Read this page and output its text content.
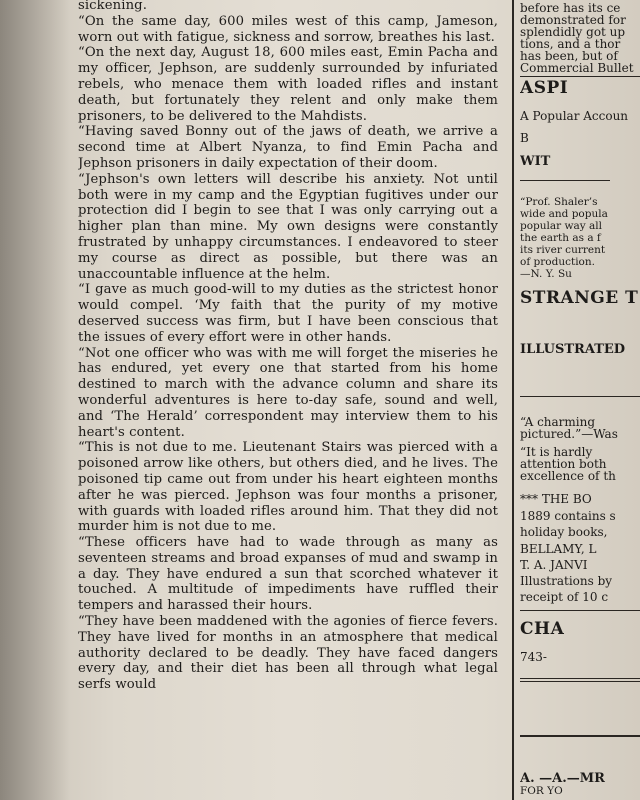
sickening.

“On the same day, 600 miles west of this camp, Jameson, worn out with fatigue, sickness and sorrow, breathes his last.

“On the next day, August 18, 600 miles east, Emin Pacha and my officer, Jephson, are suddenly surrounded by infuriated rebels, who menace them with loaded rifles and instant death, but fortunately they relent and only make them prisoners, to be delivered to the Mahdists.

“Having saved Bonny out of the jaws of death, we arrive a second time at Albert Nyanza, to find Emin Pacha and Jephson prisoners in daily expectation of their doom.

“Jephson's own letters will describe his anxiety. Not until both were in my camp and the Egyptian fugitives under our protection did I begin to see that I was only carrying out a higher plan than mine. My own designs were constantly frustrated by unhappy circumstances. I endeavored to steer my course as direct as possible, but there was an unaccountable influence at the helm.

“I gave as much good-will to my duties as the strictest honor would compel. ‘My faith that the purity of my motive deserved success was firm, but I have been conscious that the issues of every effort were in other hands.

“Not one officer who was with me will forget the miseries he has endured, yet every one that started from his home destined to march with the advance column and share its wonderful adventures is here to-day safe, sound and well, and ‘The Herald’ correspondent may interview them to his heart's content.

“This is not due to me. Lieutenant Stairs was pierced with a poisoned arrow like others, but others died, and he lives. The poisoned tip came out from under his heart eighteen months after he was pierced. Jephson was four months a prisoner, with guards with loaded rifles around him. That they did not murder him is not due to me.

“These officers have had to wade through as many as seventeen streams and broad expanses of mud and swamp in a day. They have endured a sun that scorched whatever it touched. A multitude of impediments have ruffled their tempers and harassed their hours.

“They have been maddened with the agonies of fierce fevers. They have lived for months in an atmosphere that medical authority declared to be deadly. They have faced dangers every day, and their diet has been all through what legal serfs would

before has its ce
demonstrated for
splendidly got up
tions, and a thor
has been, but of
Commercial Bullet
ASPI
A Popular Accoun
B
WIT
“Prof. Shaler’s
wide and popula
popular way all
the earth as a f
its river current
of production.
—N. Y. Su
STRANGE T
ILLUSTRATED
“A charming
pictured.”—Was
“It is hardly
attention both
excellence of th
*** THE BO
1889 contains s
holiday books,
BELLAMY, L
T. A. JANVI
Illustrations by
receipt of 10 c
CHA
743-
A. —A.—MR
FOR YO
